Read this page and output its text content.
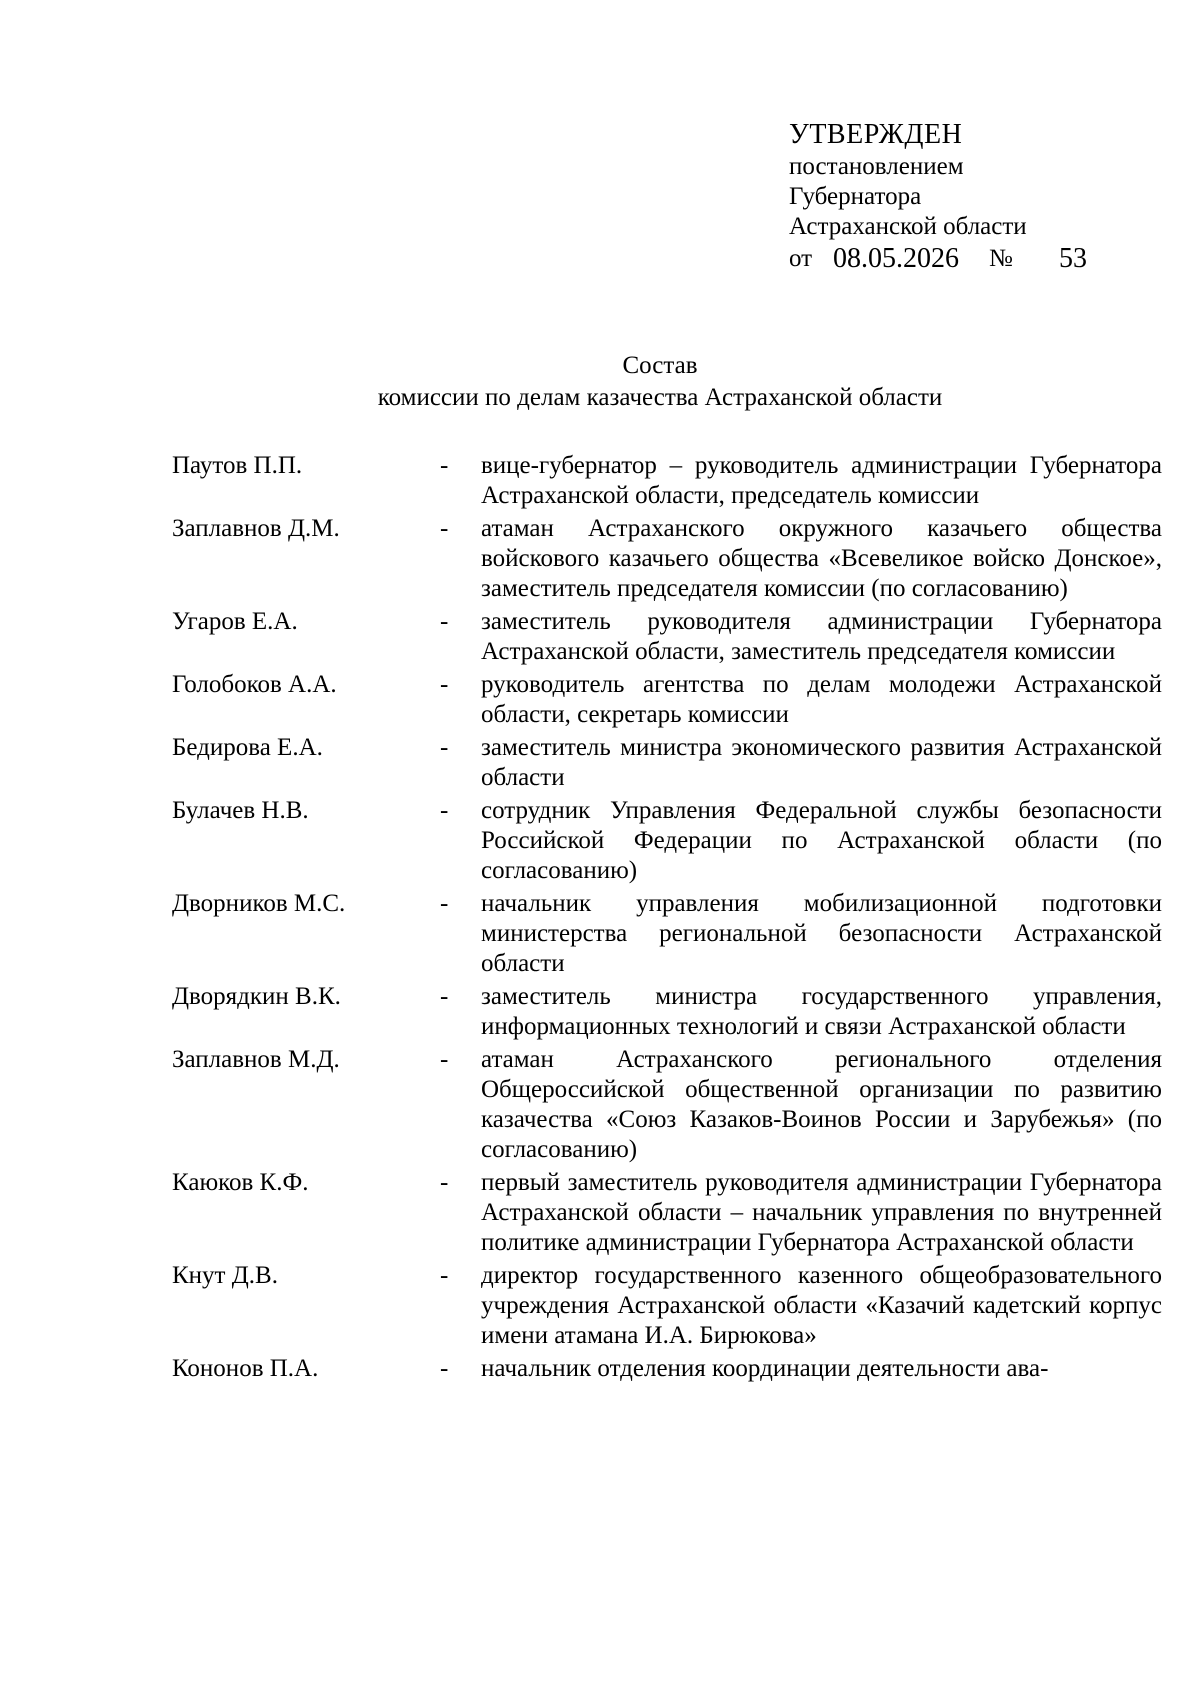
УТВЕРЖДЕН
постановлением
Губернатора
Астраханской области
от 08.05.2026 № 53
Состав
комиссии по делам казачества Астраханской области
Паутов П.П.	- вице-губернатор – руководитель администрации Губернатора Астраханской области, председатель комиссии
Заплавнов Д.М.	- атаман Астраханского окружного казачьего общества войскового казачьего общества «Всевеликое войско Донское», заместитель председателя комиссии (по согласованию)
Угаров Е.А.	- заместитель руководителя администрации Губернатора Астраханской области, заместитель председателя комиссии
Голобоков А.А.	- руководитель агентства по делам молодежи Астраханской области, секретарь комиссии
Бедирова Е.А.	- заместитель министра экономического развития Астраханской области
Булачев Н.В.	- сотрудник Управления Федеральной службы безопасности Российской Федерации по Астраханской области (по согласованию)
Дворников М.С.	- начальник управления мобилизационной подготовки министерства региональной безопасности Астраханской области
Дворядкин В.К.	- заместитель министра государственного управления, информационных технологий и связи Астраханской области
Заплавнов М.Д.	- атаман Астраханского регионального отделения Общероссийской общественной организации по развитию казачества «Союз Казаков-Воинов России и Зарубежья» (по согласованию)
Каюков К.Ф.	- первый заместитель руководителя администрации Губернатора Астраханской области – начальник управления по внутренней политике администрации Губернатора Астраханской области
Кнут Д.В.	- директор государственного казенного общеобразовательного учреждения Астраханской области «Казачий кадетский корпус имени атамана И.А. Бирюкова»
Кононов П.А.	- начальник отделения координации деятельности ава-
